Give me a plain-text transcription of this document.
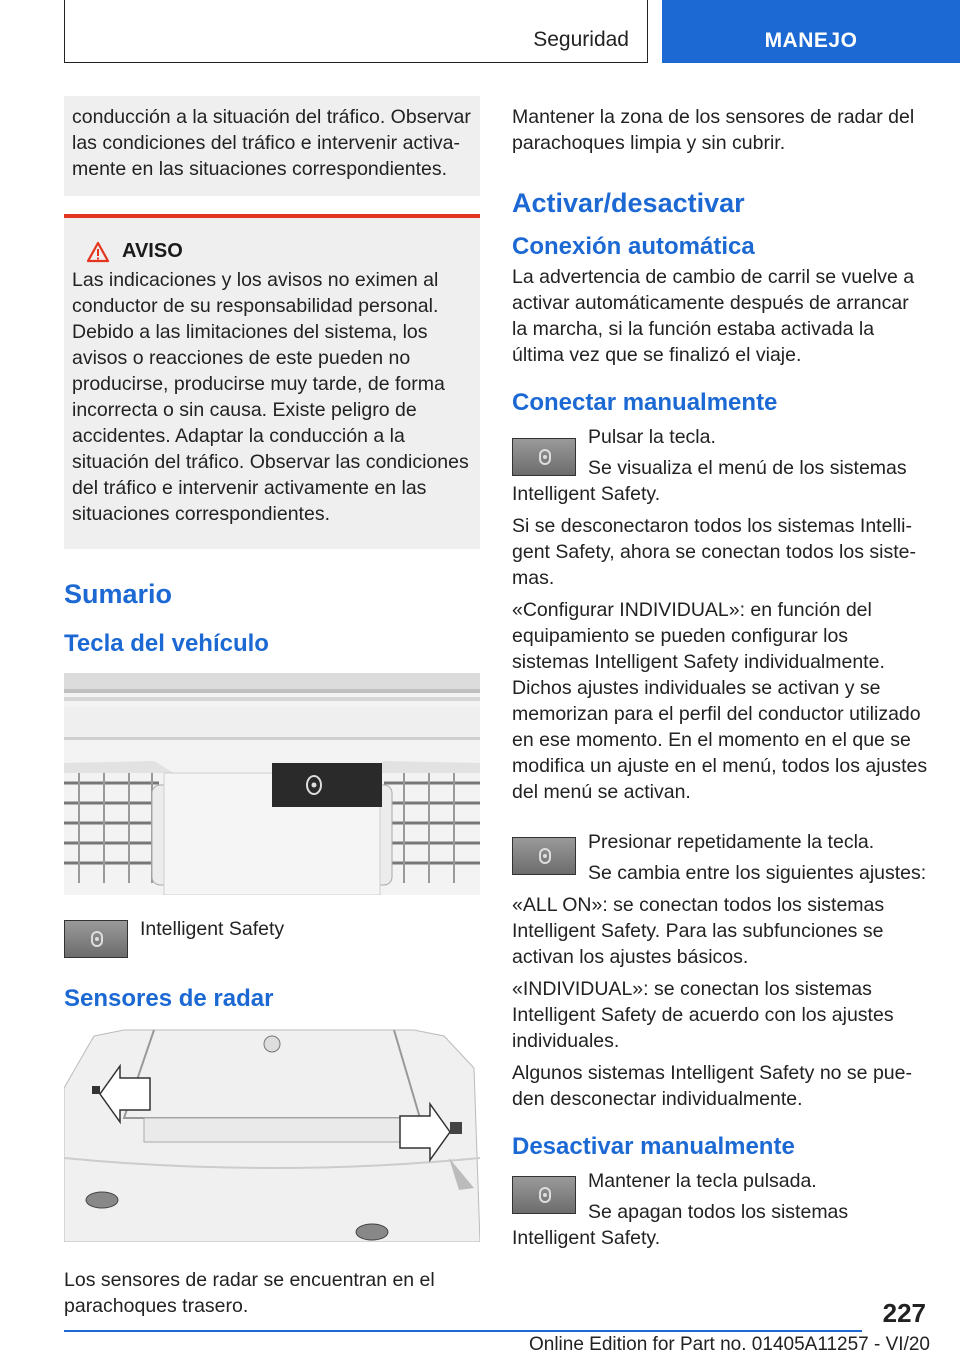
Seguridad	MANEJO

conducción a la situación del tráfico. Observar las condiciones del tráfico e intervenir activamente en las situaciones correspondientes.

AVISO

Las indicaciones y los avisos no eximen al conductor de su responsabilidad personal. Debido a las limitaciones del sistema, los avisos o reacciones de este pueden no producirse, producirse muy tarde, de forma incorrecta o sin causa. Existe peligro de accidentes. Adaptar la conducción a la situación del tráfico. Observar las condiciones del tráfico e intervenir activamente en las situaciones correspondientes.

Sumario
Tecla del vehículo

Intelligent Safety

Sensores de radar

Los sensores de radar se encuentran en el parachoques trasero.

Mantener la zona de los sensores de radar del parachoques limpia y sin cubrir.

Activar/desactivar
Conexión automática

La advertencia de cambio de carril se vuelve a activar automáticamente después de arrancar la marcha, si la función estaba activada la última vez que se finalizó el viaje.

Conectar manualmente

Pulsar la tecla.

Se visualiza el menú de los sistemas Intelligent Safety.

Si se desconectaron todos los sistemas Intelligent Safety, ahora se conectan todos los sistemas.

«Configurar INDIVIDUAL»: en función del equipamiento se pueden configurar los sistemas Intelligent Safety individualmente. Dichos ajustes individuales se activan y se memorizan para el perfil del conductor utilizado en ese momento. En el momento en el que se modifica un ajuste en el menú, todos los ajustes del menú se activan.

Presionar repetidamente la tecla.

Se cambia entre los siguientes ajustes:

«ALL ON»: se conectan todos los sistemas Intelligent Safety. Para las subfunciones se activan los ajustes básicos.

«INDIVIDUAL»: se conectan los sistemas Intelligent Safety de acuerdo con los ajustes individuales.

Algunos sistemas Intelligent Safety no se pueden desconectar individualmente.

Desactivar manualmente

Mantener la tecla pulsada.

Se apagan todos los sistemas Intelligent Safety.

227
Online Edition for Part no. 01405A11257 - VI/20
